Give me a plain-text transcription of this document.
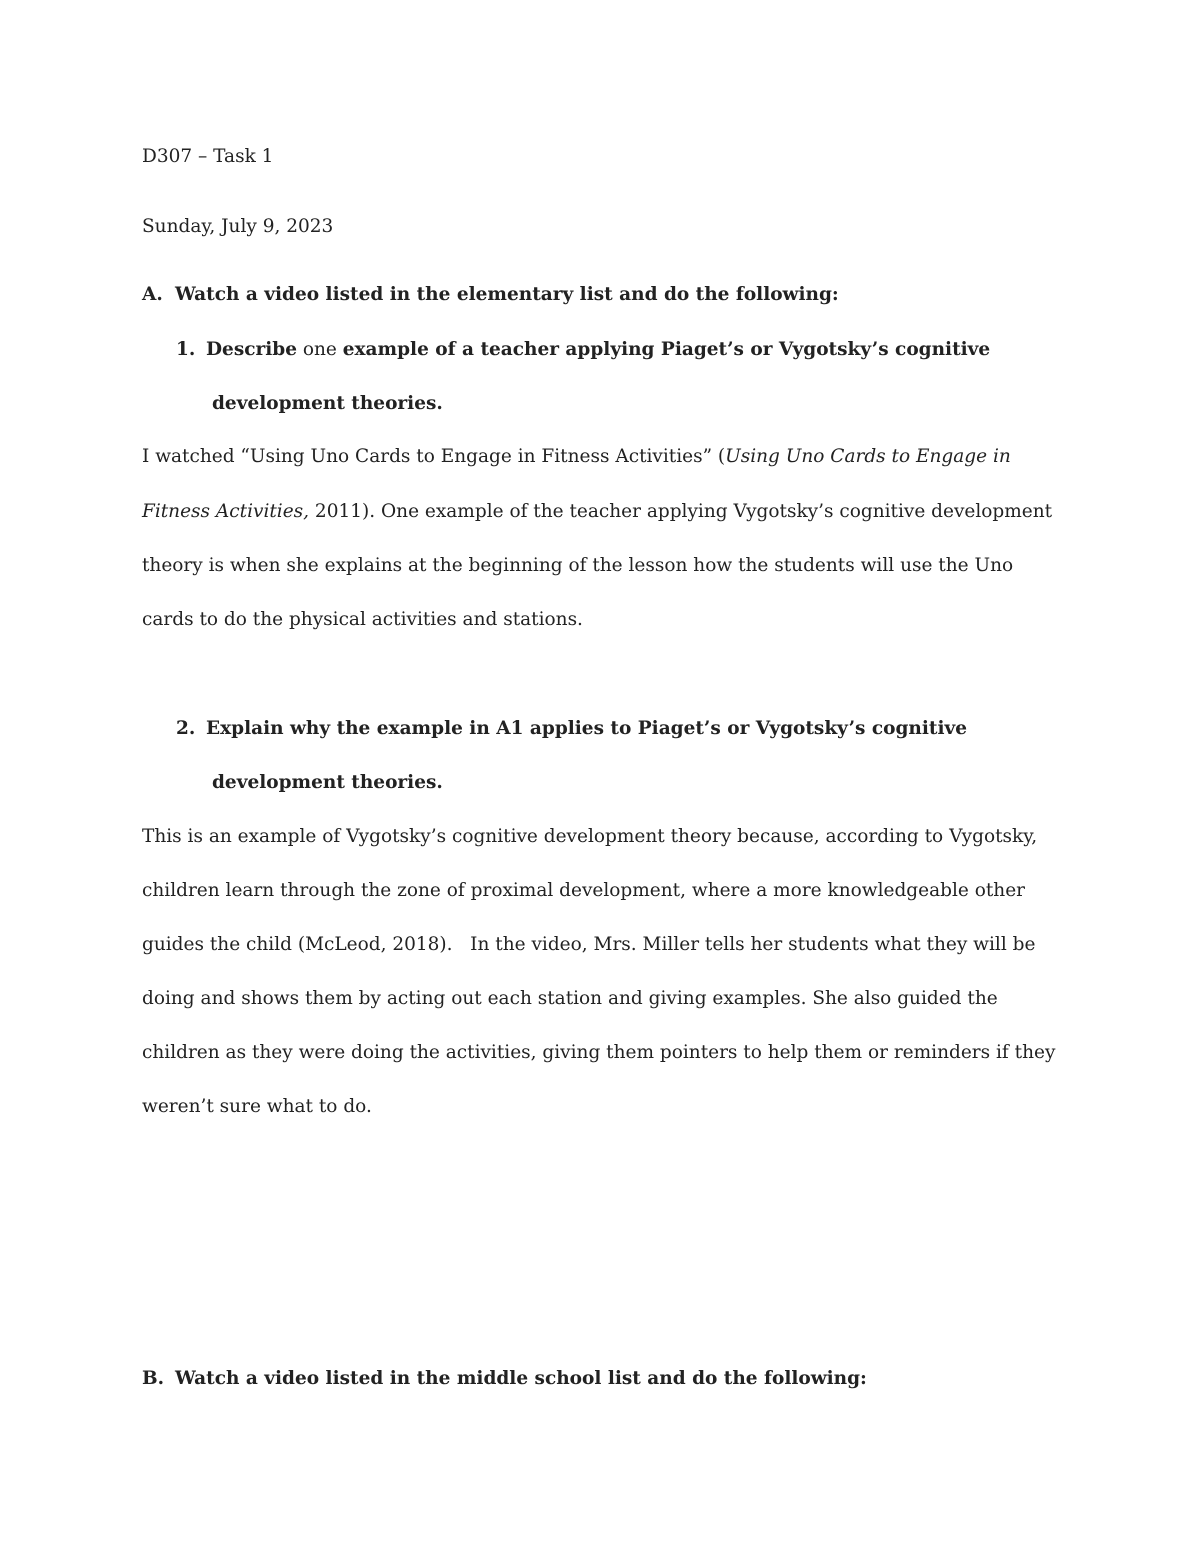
D307 – Task 1
Sunday, July 9, 2023
A. Watch a video listed in the elementary list and do the following:
1. Describe one example of a teacher applying Piaget’s or Vygotsky’s cognitive
development theories.
I watched “Using Uno Cards to Engage in Fitness Activities” (Using Uno Cards to Engage in
Fitness Activities, 2011). One example of the teacher applying Vygotsky’s cognitive development
theory is when she explains at the beginning of the lesson how the students will use the Uno
cards to do the physical activities and stations.
2. Explain why the example in A1 applies to Piaget’s or Vygotsky’s cognitive
development theories.
This is an example of Vygotsky’s cognitive development theory because, according to Vygotsky,
children learn through the zone of proximal development, where a more knowledgeable other
guides the child (McLeod, 2018).   In the video, Mrs. Miller tells her students what they will be
doing and shows them by acting out each station and giving examples. She also guided the
children as they were doing the activities, giving them pointers to help them or reminders if they
weren’t sure what to do.
B. Watch a video listed in the middle school list and do the following:
